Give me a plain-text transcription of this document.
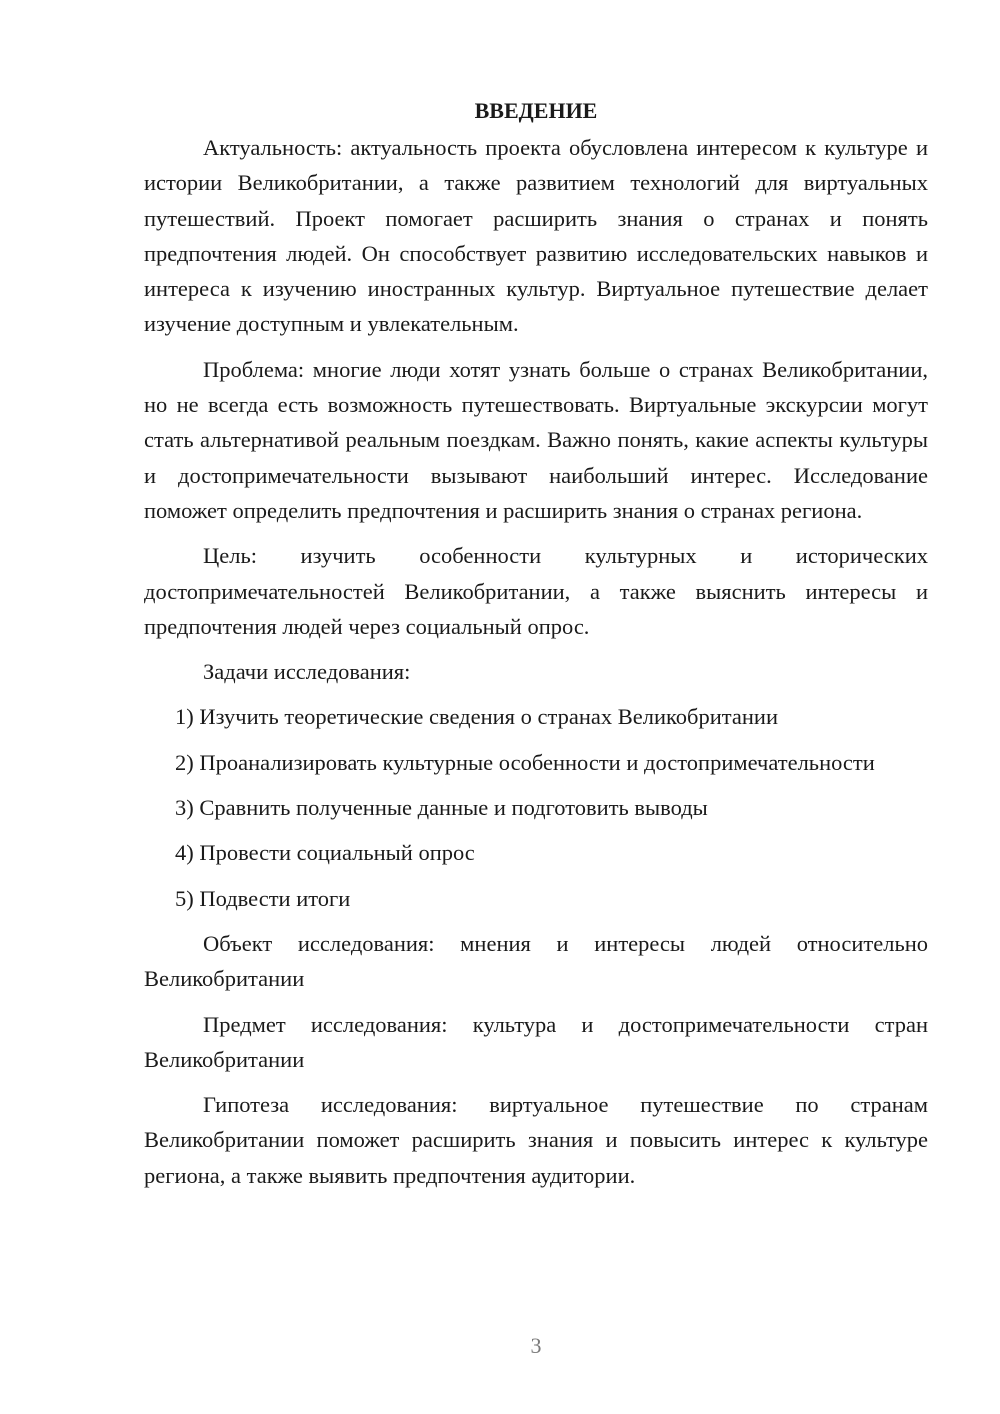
ВВЕДЕНИЕ

Актуальность: актуальность проекта обусловлена интересом к культуре и истории Великобритании, а также развитием технологий для виртуальных путешествий. Проект помогает расширить знания о странах и понять предпочтения людей. Он способствует развитию исследовательских навыков и интереса к изучению иностранных культур. Виртуальное путешествие делает изучение доступным и увлекательным.

Проблема: многие люди хотят узнать больше о странах Великобритании, но не всегда есть возможность путешествовать. Виртуальные экскурсии могут стать альтернативой реальным поездкам. Важно понять, какие аспекты культуры и достопримечательности вызывают наибольший интерес. Исследование поможет определить предпочтения и расширить знания о странах региона.

Цель: изучить особенности культурных и исторических достопримечательностей Великобритании, а также выяснить интересы и предпочтения людей через социальный опрос.

Задачи исследования:

1) Изучить теоретические сведения о странах Великобритании

2) Проанализировать культурные особенности и достопримечательности

3) Сравнить полученные данные и подготовить выводы

4) Провести социальный опрос

5) Подвести итоги

Объект исследования: мнения и интересы людей относительно Великобритании

Предмет исследования: культура и достопримечательности стран Великобритании

Гипотеза исследования: виртуальное путешествие по странам Великобритании поможет расширить знания и повысить интерес к культуре региона, а также выявить предпочтения аудитории.

3
